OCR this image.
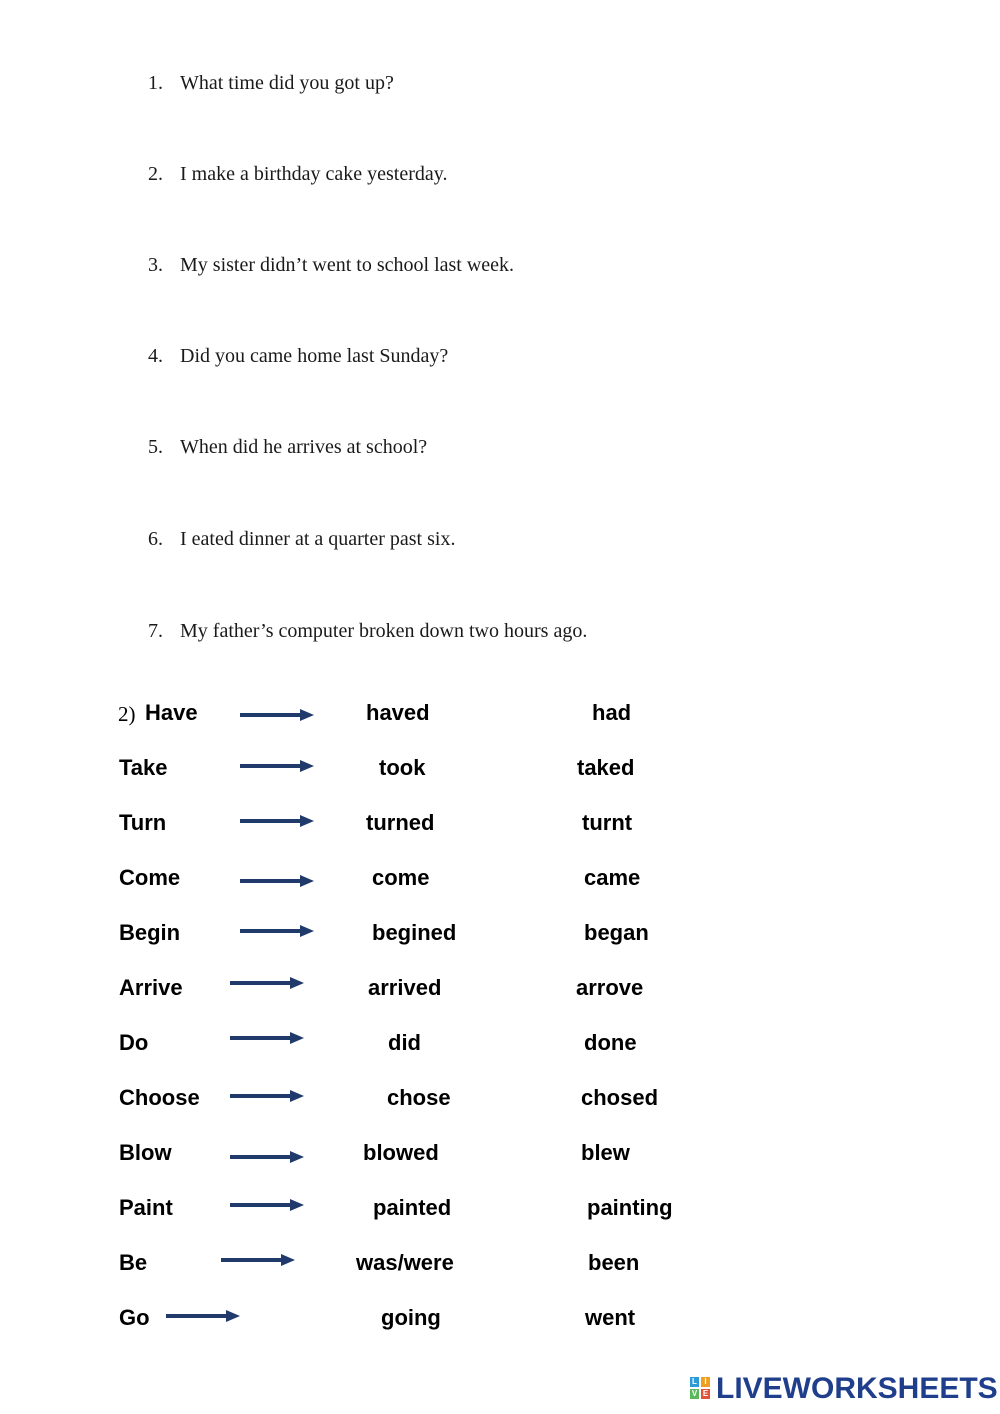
1. What time did you got up?
2. I make a birthday cake yesterday.
3. My sister didn’t went to school last week.
4. Did you came home last Sunday?
5. When did he arrives at school?
6. I eated dinner at a quarter past six.
7. My father’s computer broken down two hours ago.
2) Have	haved	had
Take	took	taked
Turn	turned	turnt
Come	come	came
Begin	begined	began
Arrive	arrived	arrove
Do	did	done
Choose	chose	chosed
Blow	blowed	blew
Paint	painted	painting
Be	was/were	been
Go	going	went
L I
V E LIVEWORKSHEETS
